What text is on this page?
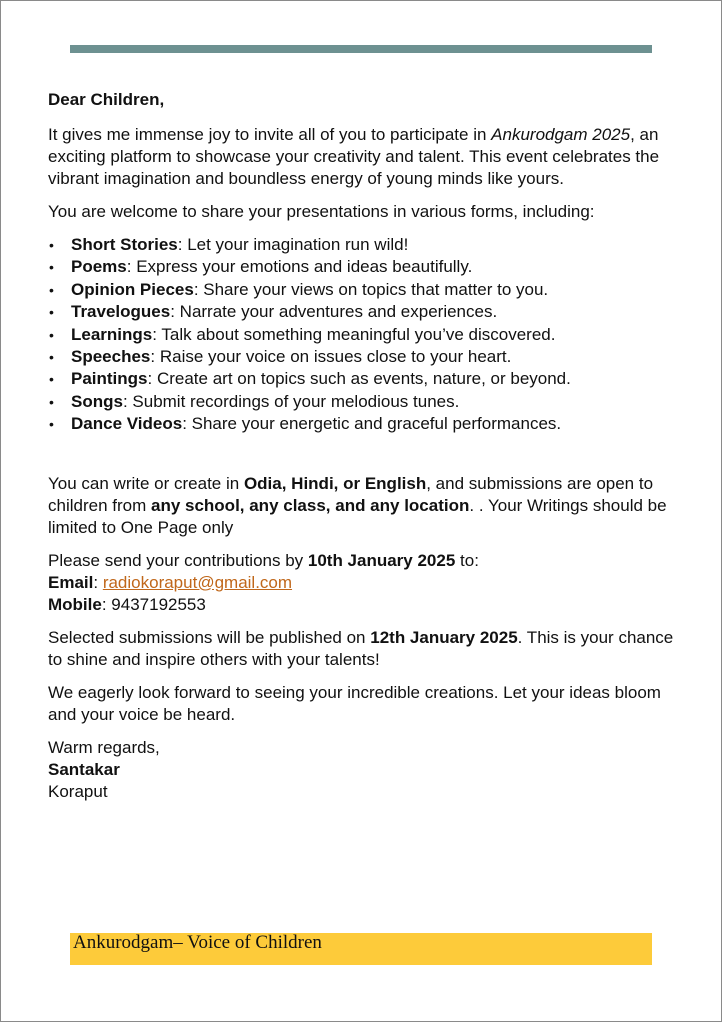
Dear Children,

It gives me immense joy to invite all of you to participate in Ankurodgam 2025, an exciting platform to showcase your creativity and talent. This event celebrates the vibrant imagination and boundless energy of young minds like yours.

You are welcome to share your presentations in various forms, including:

• Short Stories: Let your imagination run wild!
• Poems: Express your emotions and ideas beautifully.
• Opinion Pieces: Share your views on topics that matter to you.
• Travelogues: Narrate your adventures and experiences.
• Learnings: Talk about something meaningful you’ve discovered.
• Speeches: Raise your voice on issues close to your heart.
• Paintings: Create art on topics such as events, nature, or beyond.
• Songs: Submit recordings of your melodious tunes.
• Dance Videos: Share your energetic and graceful performances.

You can write or create in Odia, Hindi, or English, and submissions are open to children from any school, any class, and any location. . Your Writings should be limited to One Page only

Please send your contributions by 10th January 2025 to:
Email: radiokoraput@gmail.com
Mobile: 9437192553

Selected submissions will be published on 12th January 2025. This is your chance to shine and inspire others with your talents!

We eagerly look forward to seeing your incredible creations. Let your ideas bloom and your voice be heard.

Warm regards,

Santakar

Koraput

Ankurodgam– Voice of Children
